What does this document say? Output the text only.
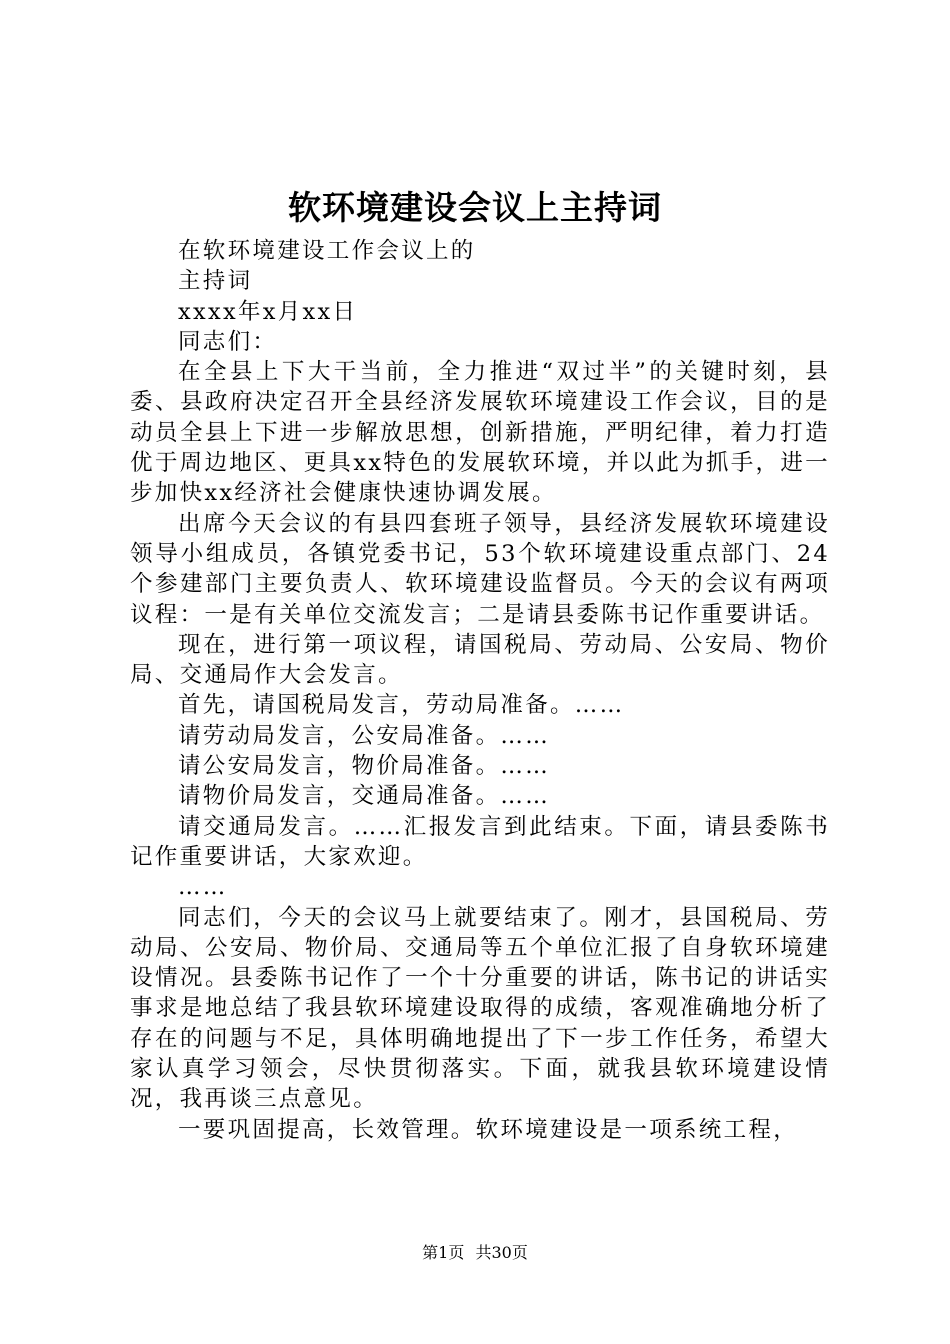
软环境建设会议上主持词

在软环境建设工作会议上的

主持词

xxxx年x月xx日

同志们：

在全县上下大干当前，全力推进“双过半”的关键时刻，县委、县政府决定召开全县经济发展软环境建设工作会议，目的是动员全县上下进一步解放思想，创新措施，严明纪律，着力打造优于周边地区、更具xx特色的发展软环境，并以此为抓手，进一步加快xx经济社会健康快速协调发展。

出席今天会议的有县四套班子领导，县经济发展软环境建设领导小组成员，各镇党委书记，53个软环境建设重点部门、24个参建部门主要负责人、软环境建设监督员。今天的会议有两项议程：一是有关单位交流发言；二是请县委陈书记作重要讲话。

现在，进行第一项议程，请国税局、劳动局、公安局、物价局、交通局作大会发言。

首先，请国税局发言，劳动局准备。……

请劳动局发言，公安局准备。……

请公安局发言，物价局准备。……

请物价局发言，交通局准备。……

请交通局发言。……汇报发言到此结束。下面，请县委陈书记作重要讲话，大家欢迎。

……

同志们，今天的会议马上就要结束了。刚才，县国税局、劳动局、公安局、物价局、交通局等五个单位汇报了自身软环境建设情况。县委陈书记作了一个十分重要的讲话，陈书记的讲话实事求是地总结了我县软环境建设取得的成绩，客观准确地分析了存在的问题与不足，具体明确地提出了下一步工作任务，希望大家认真学习领会，尽快贯彻落实。下面，就我县软环境建设情况，我再谈三点意见。

一要巩固提高，长效管理。软环境建设是一项系统工程，

第1页 共30页
